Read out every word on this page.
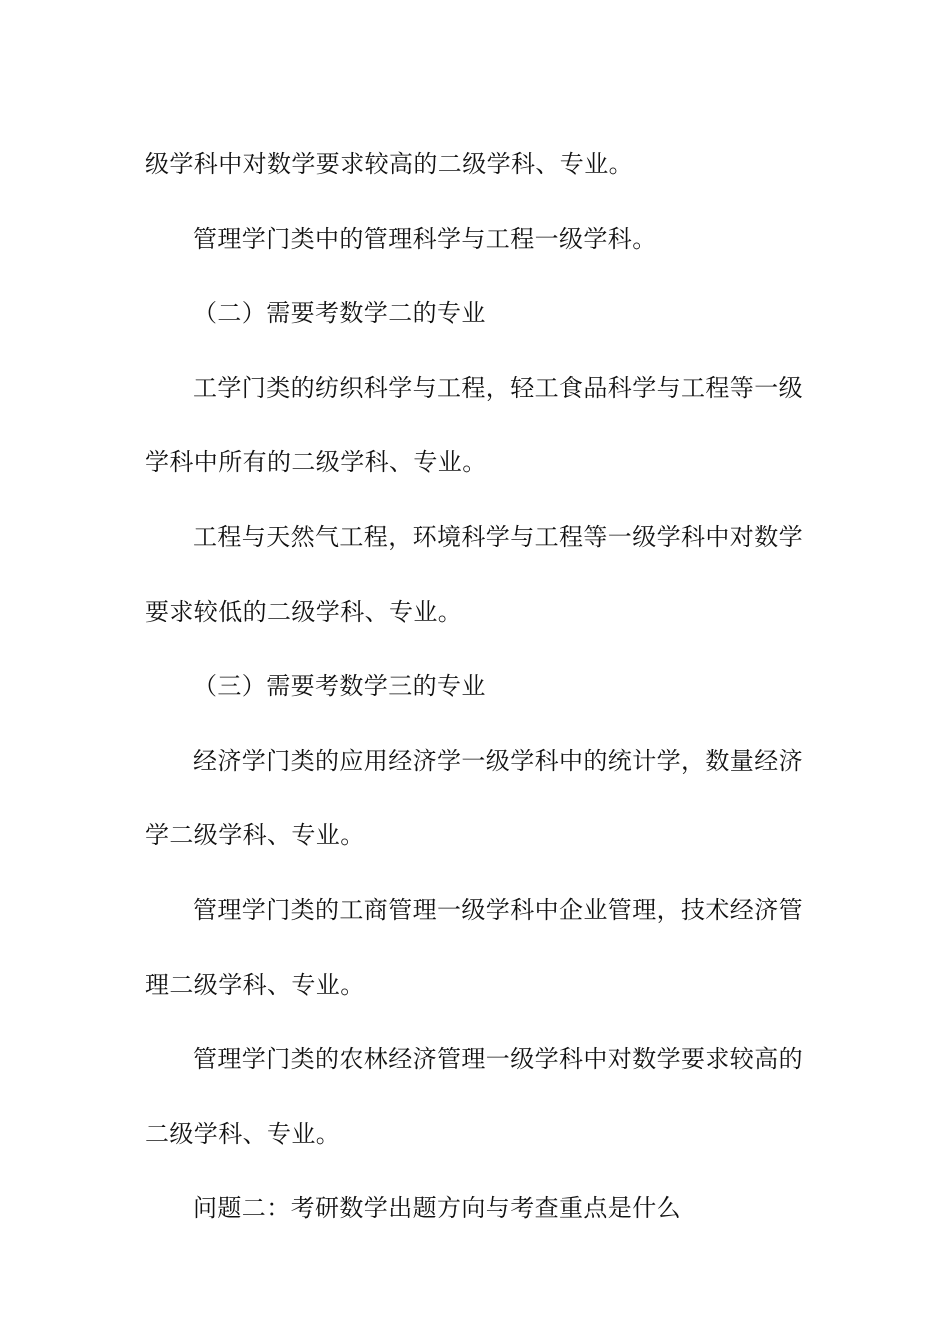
级学科中对数学要求较高的二级学科、专业。
管理学门类中的管理科学与工程一级学科。
（二）需要考数学二的专业
工学门类的纺织科学与工程，轻工食品科学与工程等一级
学科中所有的二级学科、专业。
工程与天然气工程，环境科学与工程等一级学科中对数学
要求较低的二级学科、专业。
（三）需要考数学三的专业
经济学门类的应用经济学一级学科中的统计学，数量经济
学二级学科、专业。
管理学门类的工商管理一级学科中企业管理，技术经济管
理二级学科、专业。
管理学门类的农林经济管理一级学科中对数学要求较高的
二级学科、专业。
问题二：考研数学出题方向与考查重点是什么
